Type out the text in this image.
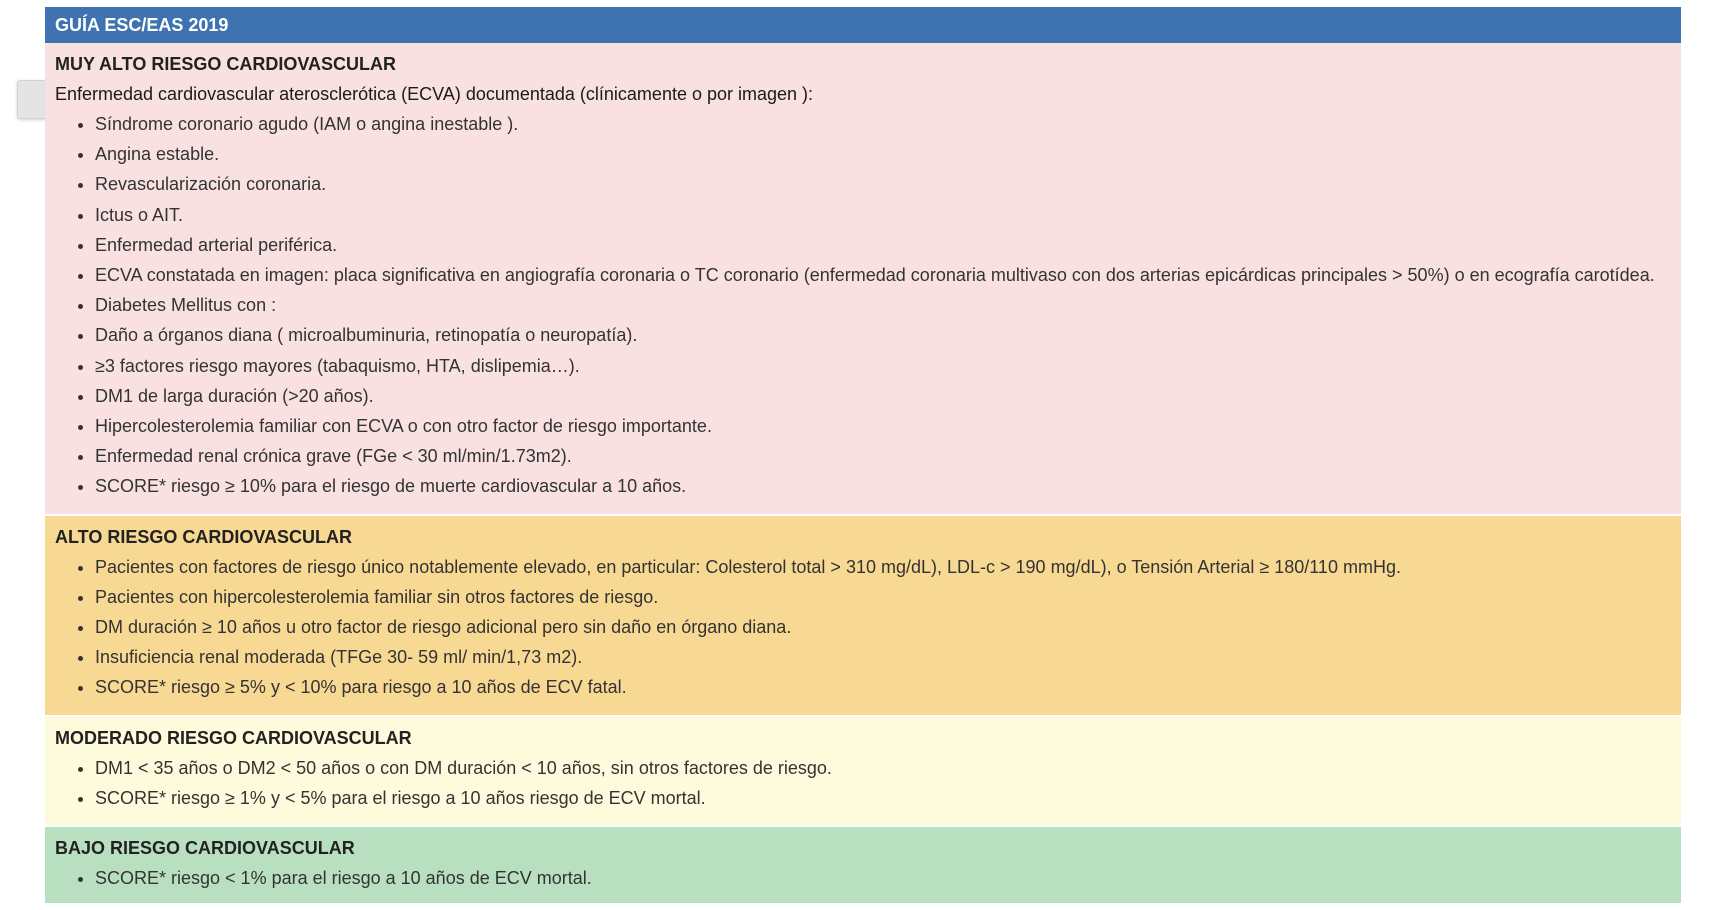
GUÍA ESC/EAS 2019
MUY ALTO RIESGO CARDIOVASCULAR
Enfermedad cardiovascular aterosclerótica (ECVA) documentada (clínicamente o por imagen ):
• Síndrome coronario agudo (IAM o angina inestable ).
• Angina estable.
• Revascularización coronaria.
• Ictus o AIT.
• Enfermedad arterial periférica.
• ECVA constatada en imagen: placa significativa en angiografía coronaria o TC coronario (enfermedad coronaria multivaso con dos arterias epicárdicas principales > 50%) o en ecografía carotídea.
• Diabetes Mellitus con :
• Daño a órganos diana ( microalbuminuria, retinopatía o neuropatía).
• ≥3 factores riesgo mayores (tabaquismo, HTA, dislipemia…).
• DM1 de larga duración (>20 años).
• Hipercolesterolemia familiar con ECVA o con otro factor de riesgo importante.
• Enfermedad renal crónica grave (FGe < 30 ml/min/1.73m2).
• SCORE* riesgo ≥ 10% para el riesgo de muerte cardiovascular a 10 años.
ALTO RIESGO CARDIOVASCULAR
• Pacientes con factores de riesgo único notablemente elevado, en particular: Colesterol total > 310 mg/dL), LDL-c > 190 mg/dL), o Tensión Arterial ≥ 180/110 mmHg.
• Pacientes con hipercolesterolemia familiar sin otros factores de riesgo.
• DM duración ≥ 10 años u otro factor de riesgo adicional pero sin daño en órgano diana.
• Insuficiencia renal moderada (TFGe 30- 59 ml/ min/1,73 m2).
• SCORE* riesgo ≥ 5% y < 10% para riesgo a 10 años de ECV fatal.
MODERADO RIESGO CARDIOVASCULAR
• DM1 < 35 años o DM2 < 50 años o con DM duración < 10 años, sin otros factores de riesgo.
• SCORE* riesgo ≥ 1% y < 5% para el riesgo a 10 años riesgo de ECV mortal.
BAJO RIESGO CARDIOVASCULAR
• SCORE* riesgo < 1% para el riesgo a 10 años de ECV mortal.
